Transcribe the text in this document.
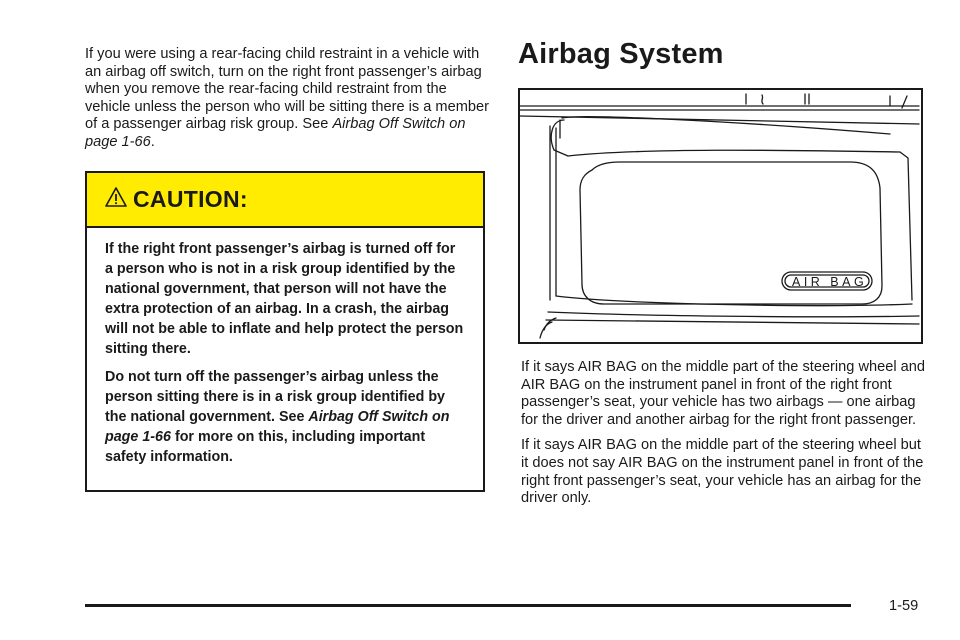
If you were using a rear-facing child restraint in a vehicle with an airbag off switch, turn on the right front passenger’s airbag when you remove the rear-facing child restraint from the vehicle unless the person who will be sitting there is a member of a passenger airbag risk group. See Airbag Off Switch on page 1-66.

CAUTION:

If the right front passenger’s airbag is turned off for a person who is not in a risk group identified by the national government, that person will not have the extra protection of an airbag. In a crash, the airbag will not be able to inflate and help protect the person sitting there.

Do not turn off the passenger’s airbag unless the person sitting there is in a risk group identified by the national government. See Airbag Off Switch on page 1-66 for more on this, including important safety information.

Airbag System
AIR BAG

If it says AIR BAG on the middle part of the steering wheel and AIR BAG on the instrument panel in front of the right front passenger’s seat, your vehicle has two airbags — one airbag for the driver and another airbag for the right front passenger.

If it says AIR BAG on the middle part of the steering wheel but it does not say AIR BAG on the instrument panel in front of the right front passenger’s seat, your vehicle has an airbag for the driver only.

1-59
